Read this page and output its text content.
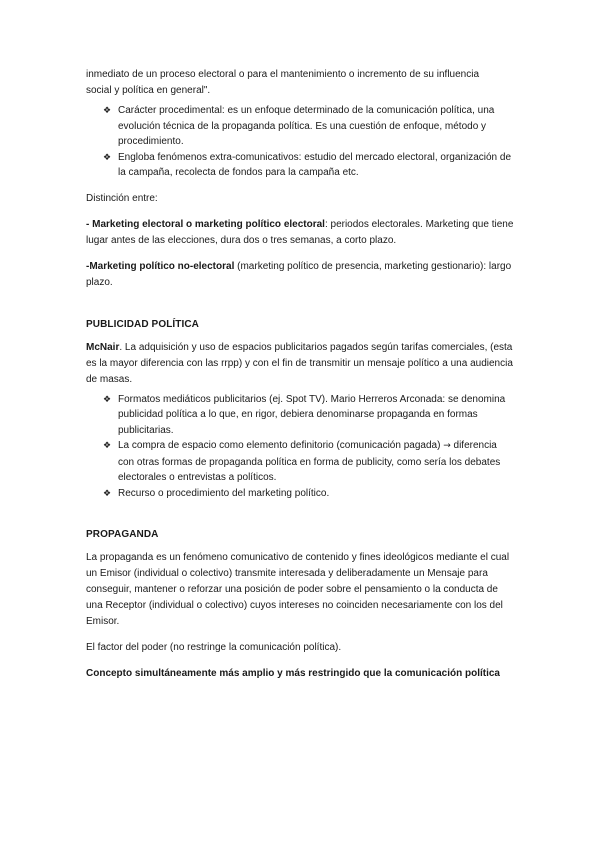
inmediato de un proceso electoral o para el mantenimiento o incremento de su influencia
social y política en general".

❖ Carácter procedimental: es un enfoque determinado de la comunicación política, una evolución técnica de la propaganda política. Es una cuestión de enfoque, método y procedimiento.
❖ Engloba fenómenos extra-comunicativos: estudio del mercado electoral, organización de la campaña, recolecta de fondos para la campaña etc.

Distinción entre:

- Marketing electoral o marketing político electoral: periodos electorales. Marketing que tiene lugar antes de las elecciones, dura dos o tres semanas, a corto plazo.

-Marketing político no-electoral (marketing político de presencia, marketing gestionario): largo plazo.

PUBLICIDAD POLÍTICA

McNair. La adquisición y uso de espacios publicitarios pagados según tarifas comerciales, (esta es la mayor diferencia con las rrpp) y con el fin de transmitir un mensaje político a una audiencia de masas.

❖ Formatos mediáticos publicitarios (ej. Spot TV). Mario Herreros Arconada: se denomina publicidad política a lo que, en rigor, debiera denominarse propaganda en formas publicitarias.
❖ La compra de espacio como elemento definitorio (comunicación pagada) → diferencia con otras formas de propaganda política en forma de publicity, como sería los debates electorales o entrevistas a políticos.
❖ Recurso o procedimiento del marketing político.

PROPAGANDA

La propaganda es un fenómeno comunicativo de contenido y fines ideológicos mediante el cual un Emisor (individual o colectivo) transmite interesada y deliberadamente un Mensaje para conseguir, mantener o reforzar una posición de poder sobre el pensamiento o la conducta de una Receptor (individual o colectivo) cuyos intereses no coinciden necesariamente con los del Emisor.

El factor del poder (no restringe la comunicación política).

Concepto simultáneamente más amplio y más restringido que la comunicación política
